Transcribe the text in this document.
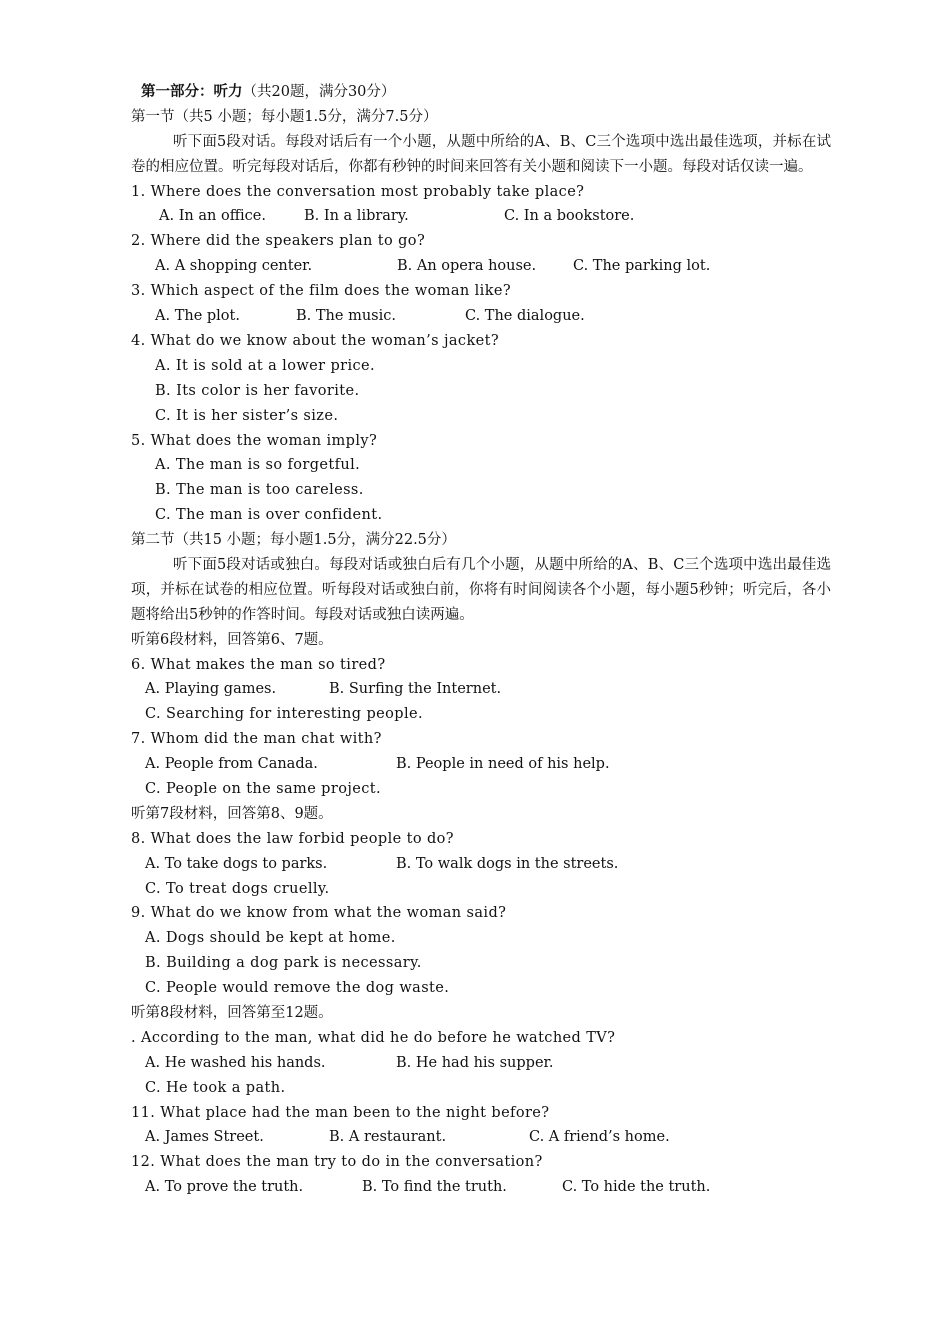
第一部分：听力（共20题，满分30分）
第一节（共5 小题；每小题1.5分，满分7.5分）
听下面5段对话。每段对话后有一个小题，从题中所给的A、B、C三个选项中选出最佳选项，并标在试卷的相应位置。听完每段对话后，你都有秒钟的时间来回答有关小题和阅读下一小题。每段对话仅读一遍。
1. Where does the conversation most probably take place?
A. In an office.	B. In a library.	C. In a bookstore.
2. Where did the speakers plan to go?
A. A shopping center.	B. An opera house.	C. The parking lot.
3. Which aspect of the film does the woman like?
A. The plot.	B. The music.	C. The dialogue.
4. What do we know about the woman’s jacket?
A. It is sold at a lower price.
B. Its color is her favorite.
C. It is her sister’s size.
5. What does the woman imply?
A. The man is so forgetful.
B. The man is too careless.
C. The man is over confident.
第二节（共15 小题；每小题1.5分，满分22.5分）
听下面5段对话或独白。每段对话或独白后有几个小题，从题中所给的A、B、C三个选项中选出最佳选项，并标在试卷的相应位置。听每段对话或独白前，你将有时间阅读各个小题，每小题5秒钟；听完后，各小题将给出5秒钟的作答时间。每段对话或独白读两遍。
听第6段材料，回答第6、7题。
6. What makes the man so tired?
A. Playing games.	B. Surfing the Internet.
C. Searching for interesting people.
7. Whom did the man chat with?
A. People from Canada.	B. People in need of his help.
C. People on the same project.
听第7段材料，回答第8、9题。
8. What does the law forbid people to do?
A. To take dogs to parks.	B. To walk dogs in the streets.
C. To treat dogs cruelly.
9. What do we know from what the woman said?
A. Dogs should be kept at home.
B. Building a dog park is necessary.
C. People would remove the dog waste.
听第8段材料，回答第至12题。
. According to the man, what did he do before he watched TV?
A. He washed his hands.	B. He had his supper.
C. He took a path.
11. What place had the man been to the night before?
A. James Street.	B. A restaurant.	C. A friend’s home.
12. What does the man try to do in the conversation?
A. To prove the truth.	B. To find the truth.	C. To hide the truth.
